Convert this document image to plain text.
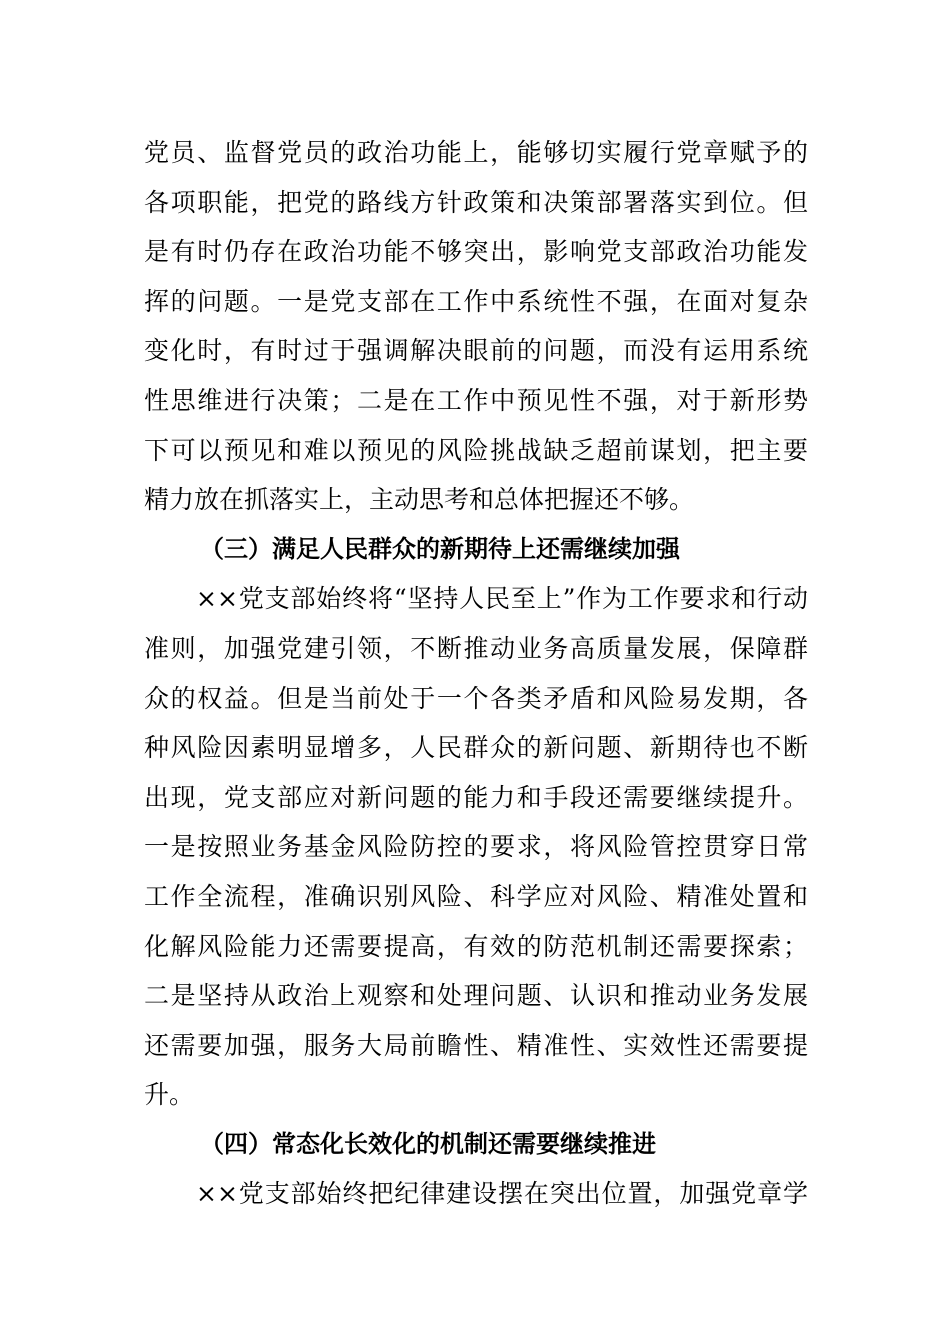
党员、监督党员的政治功能上，能够切实履行党章赋予的
各项职能，把党的路线方针政策和决策部署落实到位。但
是有时仍存在政治功能不够突出，影响党支部政治功能发
挥的问题。一是党支部在工作中系统性不强，在面对复杂
变化时，有时过于强调解决眼前的问题，而没有运用系统
性思维进行决策；二是在工作中预见性不强，对于新形势
下可以预见和难以预见的风险挑战缺乏超前谋划，把主要
精力放在抓落实上，主动思考和总体把握还不够。
（三）满足人民群众的新期待上还需继续加强
××党支部始终将“坚持人民至上”作为工作要求和行动
准则，加强党建引领，不断推动业务高质量发展，保障群
众的权益。但是当前处于一个各类矛盾和风险易发期，各
种风险因素明显增多，人民群众的新问题、新期待也不断
出现，党支部应对新问题的能力和手段还需要继续提升。
一是按照业务基金风险防控的要求，将风险管控贯穿日常
工作全流程，准确识别风险、科学应对风险、精准处置和
化解风险能力还需要提高，有效的防范机制还需要探索；
二是坚持从政治上观察和处理问题、认识和推动业务发展
还需要加强，服务大局前瞻性、精准性、实效性还需要提
升。
（四）常态化长效化的机制还需要继续推进
××党支部始终把纪律建设摆在突出位置，加强党章学
